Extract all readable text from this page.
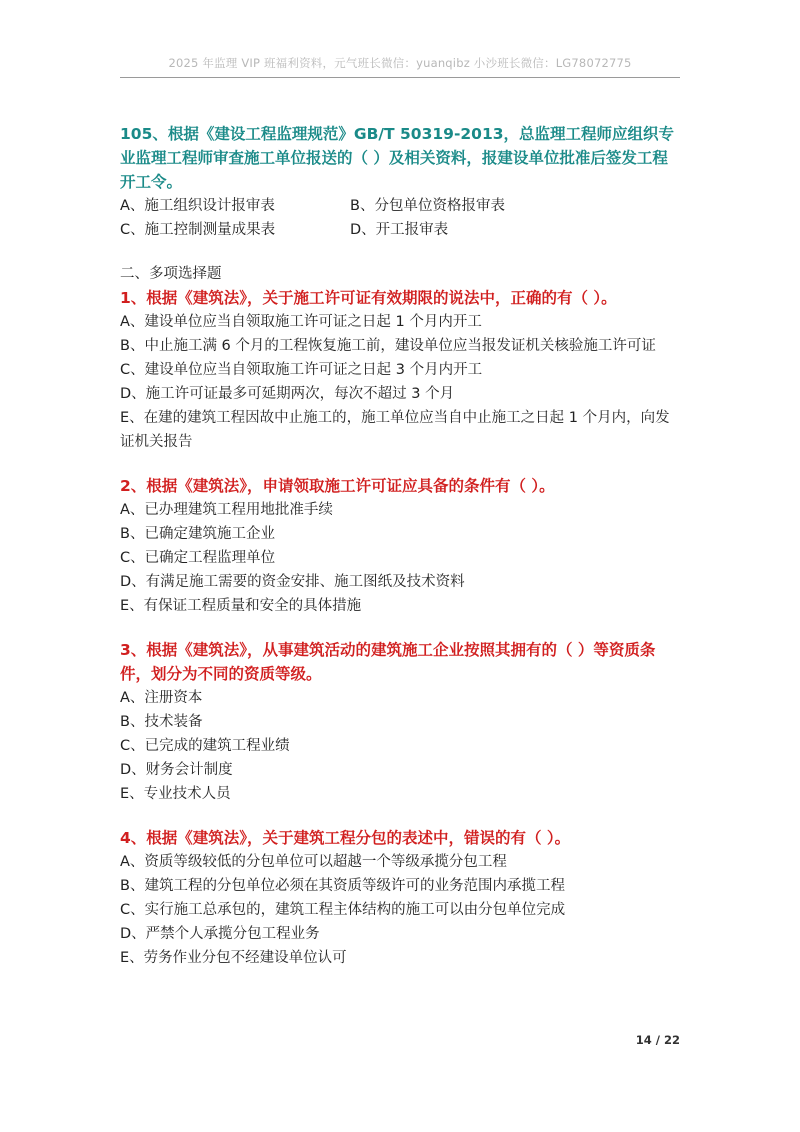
2025 年监理 VIP 班福利资料，元气班长微信：yuanqibz 小沙班长微信：LG78072775
105、根据《建设工程监理规范》GB/T 50319-2013，总监理工程师应组织专业监理工程师审查施工单位报送的（ ）及相关资料，报建设单位批准后签发工程开工令。
A、施工组织设计报审表	B、分包单位资格报审表
C、施工控制测量成果表	D、开工报审表
二、多项选择题
1、根据《建筑法》，关于施工许可证有效期限的说法中，正确的有（ ）。
A、建设单位应当自领取施工许可证之日起 1 个月内开工
B、中止施工满 6 个月的工程恢复施工前，建设单位应当报发证机关核验施工许可证
C、建设单位应当自领取施工许可证之日起 3 个月内开工
D、施工许可证最多可延期两次，每次不超过 3 个月
E、在建的建筑工程因故中止施工的，施工单位应当自中止施工之日起 1 个月内，向发证机关报告
2、根据《建筑法》，申请领取施工许可证应具备的条件有（ ）。
A、已办理建筑工程用地批准手续
B、已确定建筑施工企业
C、已确定工程监理单位
D、有满足施工需要的资金安排、施工图纸及技术资料
E、有保证工程质量和安全的具体措施
3、根据《建筑法》，从事建筑活动的建筑施工企业按照其拥有的（ ）等资质条件，划分为不同的资质等级。
A、注册资本
B、技术装备
C、已完成的建筑工程业绩
D、财务会计制度
E、专业技术人员
4、根据《建筑法》，关于建筑工程分包的表述中，错误的有（ ）。
A、资质等级较低的分包单位可以超越一个等级承揽分包工程
B、建筑工程的分包单位必须在其资质等级许可的业务范围内承揽工程
C、实行施工总承包的，建筑工程主体结构的施工可以由分包单位完成
D、严禁个人承揽分包工程业务
E、劳务作业分包不经建设单位认可
14 / 22
